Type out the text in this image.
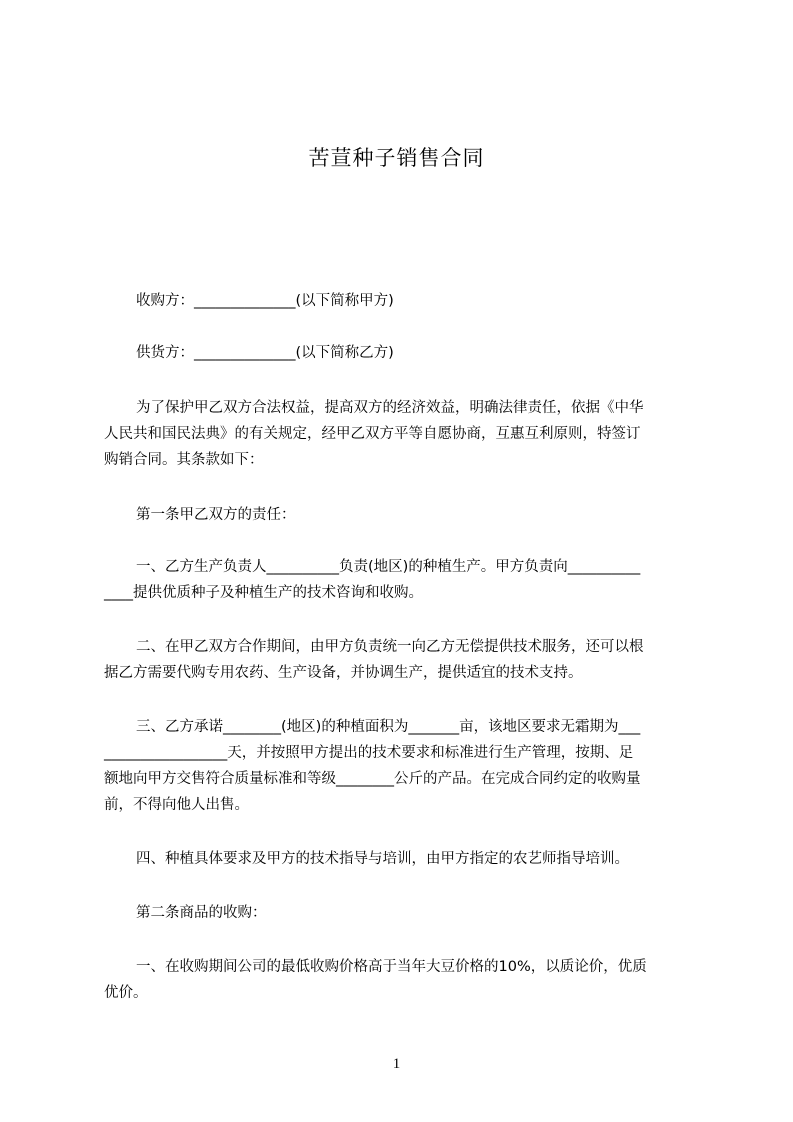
苦荁种子销售合同
收购方：______________(以下简称甲方)
供货方：______________(以下简称乙方)
为了保护甲乙双方合法权益，提高双方的经济效益，明确法律责任，依据《中华
人民共和国民法典》的有关规定，经甲乙双方平等自愿协商，互惠互利原则，特签订
购销合同。其条款如下：
第一条甲乙双方的责任：
一、乙方生产负责人__________负责(地区)的种植生产。甲方负责向__________
____提供优质种子及种植生产的技术咨询和收购。
二、在甲乙双方合作期间，由甲方负责统一向乙方无偿提供技术服务，还可以根
据乙方需要代购专用农药、生产设备，并协调生产，提供适宜的技术支持。
三、乙方承诺________(地区)的种植面积为_______亩，该地区要求无霜期为___
_________________天，并按照甲方提出的技术要求和标准进行生产管理，按期、足
额地向甲方交售符合质量标准和等级________公斤的产品。在完成合同约定的收购量
前，不得向他人出售。
四、种植具体要求及甲方的技术指导与培训，由甲方指定的农艺师指导培训。
第二条商品的收购：
一、在收购期间公司的最低收购价格高于当年大豆价格的10%，以质论价，优质
优价。
1
